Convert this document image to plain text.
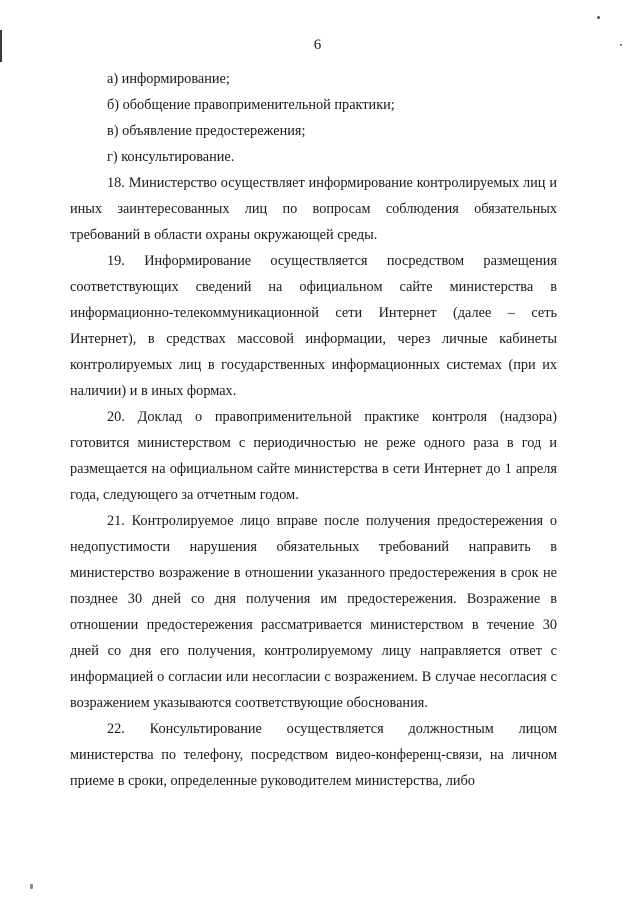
6

а) информирование;

б) обобщение правоприменительной практики;

в) объявление предостережения;

г) консультирование.

18. Министерство осуществляет информирование контролируемых лиц и иных заинтересованных лиц по вопросам соблюдения обязательных требований в области охраны окружающей среды.

19. Информирование осуществляется посредством размещения соответствующих сведений на официальном сайте министерства в информационно-телекоммуникационной сети Интернет (далее – сеть Интернет), в средствах массовой информации, через личные кабинеты контролируемых лиц в государственных информационных системах (при их наличии) и в иных формах.

20. Доклад о правоприменительной практике контроля (надзора) готовится министерством с периодичностью не реже одного раза в год и размещается на официальном сайте министерства в сети Интернет до 1 апреля года, следующего за отчетным годом.

21. Контролируемое лицо вправе после получения предостережения о недопустимости нарушения обязательных требований направить в министерство возражение в отношении указанного предостережения в срок не позднее 30 дней со дня получения им предостережения. Возражение в отношении предостережения рассматривается министерством в течение 30 дней со дня его получения, контролируемому лицу направляется ответ с информацией о согласии или несогласии с возражением. В случае несогласия с возражением указываются соответствующие обоснования.

22. Консультирование осуществляется должностным лицом министерства по телефону, посредством видео-конференц-связи, на личном приеме в сроки, определенные руководителем министерства, либо
